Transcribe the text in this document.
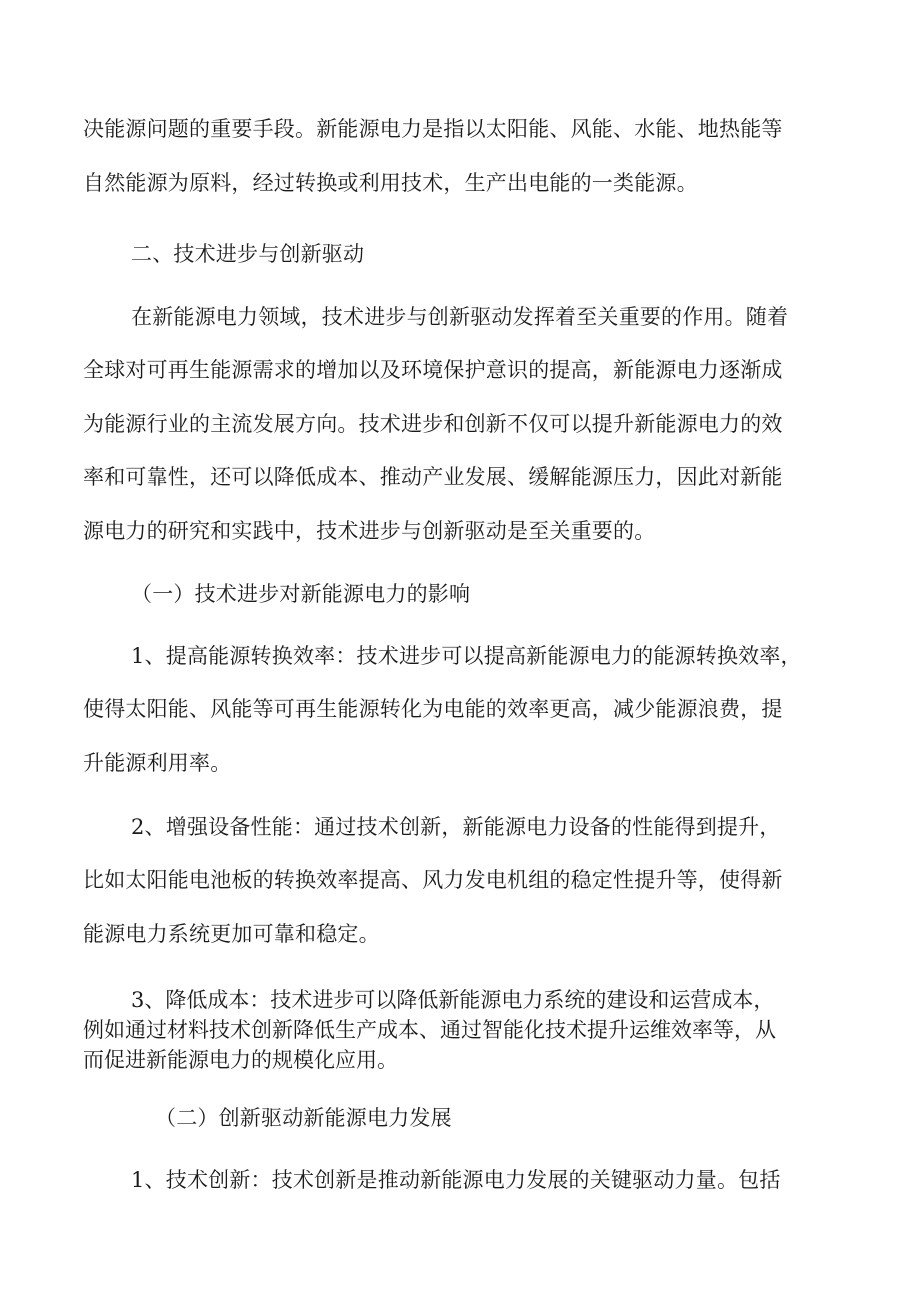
决能源问题的重要手段。新能源电力是指以太阳能、风能、水能、地热能等
自然能源为原料，经过转换或利用技术，生产出电能的一类能源。
二、技术进步与创新驱动
在新能源电力领域，技术进步与创新驱动发挥着至关重要的作用。随着
全球对可再生能源需求的增加以及环境保护意识的提高，新能源电力逐渐成
为能源行业的主流发展方向。技术进步和创新不仅可以提升新能源电力的效
率和可靠性，还可以降低成本、推动产业发展、缓解能源压力，因此对新能
源电力的研究和实践中，技术进步与创新驱动是至关重要的。
（一）技术进步对新能源电力的影响
1、提高能源转换效率：技术进步可以提高新能源电力的能源转换效率，
使得太阳能、风能等可再生能源转化为电能的效率更高，减少能源浪费，提
升能源利用率。
2、增强设备性能：通过技术创新，新能源电力设备的性能得到提升，
比如太阳能电池板的转换效率提高、风力发电机组的稳定性提升等，使得新
能源电力系统更加可靠和稳定。
3、降低成本：技术进步可以降低新能源电力系统的建设和运营成本，
例如通过材料技术创新降低生产成本、通过智能化技术提升运维效率等，从
而促进新能源电力的规模化应用。
（二）创新驱动新能源电力发展
1、技术创新：技术创新是推动新能源电力发展的关键驱动力量。包括
